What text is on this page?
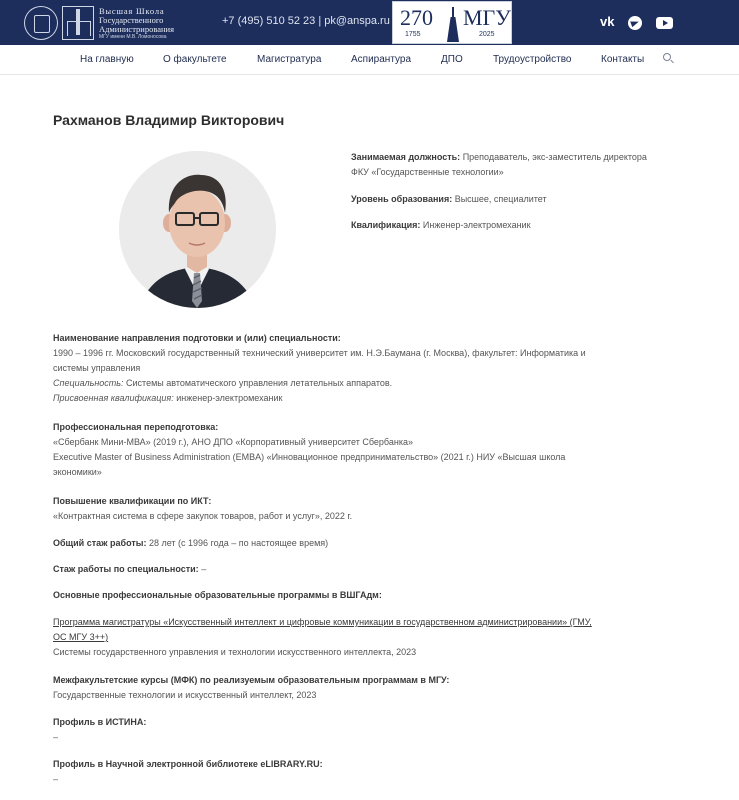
Высшая Школа
Государственного
Администрирования
МГУ имени М.В. Ломоносова
+7 (495) 510 52 23 | pk@anspa.ru 270 МГУ
1755	2025
vk
На главную	О факультете	Магистратура	Аспирантура	ДПО	Трудоустройство	Контакты
Рахманов Владимир Викторович
Занимаемая должность: Преподаватель, экс-заместитель директора ФКУ «Государственные технологии»
Уровень образования: Высшее, специалитет
Квалификация: Инженер-электромеханик
Наименование направления подготовки и (или) специальности:
1990 – 1996 гг. Московский государственный технический университет им. Н.Э.Баумана (г. Москва), факультет: Информатика и
системы управления
Специальность: Системы автоматического управления летательных аппаратов.
Присвоенная квалификация: инженер-электромеханик
Профессиональная переподготовка:
«Сбербанк Мини-МВА» (2019 г.), АНО ДПО «Корпоративный университет Сбербанка»
Executive Master of Business Administration (EMBA) «Инновационное предпринимательство» (2021 г.) НИУ «Высшая школа
экономики»
Повышение квалификации по ИКТ:
«Контрактная система в сфере закупок товаров, работ и услуг», 2022 г.
Общий стаж работы: 28 лет (с 1996 года – по настоящее время)
Стаж работы по специальности: –
Основные профессиональные образовательные программы в ВШГАдм:
Программа магистратуры «Искусственный интеллект и цифровые коммуникации в государственном администрировании» (ГМУ,
ОС МГУ 3++)
Системы государственного управления и технологии искусственного интеллекта, 2023
Межфакультетские курсы (МФК) по реализуемым образовательным программам в МГУ:
Государственные технологии и искусственный интеллект, 2023
Профиль в ИСТИНА:
–
Профиль в Научной электронной библиотеке eLIBRARY.RU:
–
